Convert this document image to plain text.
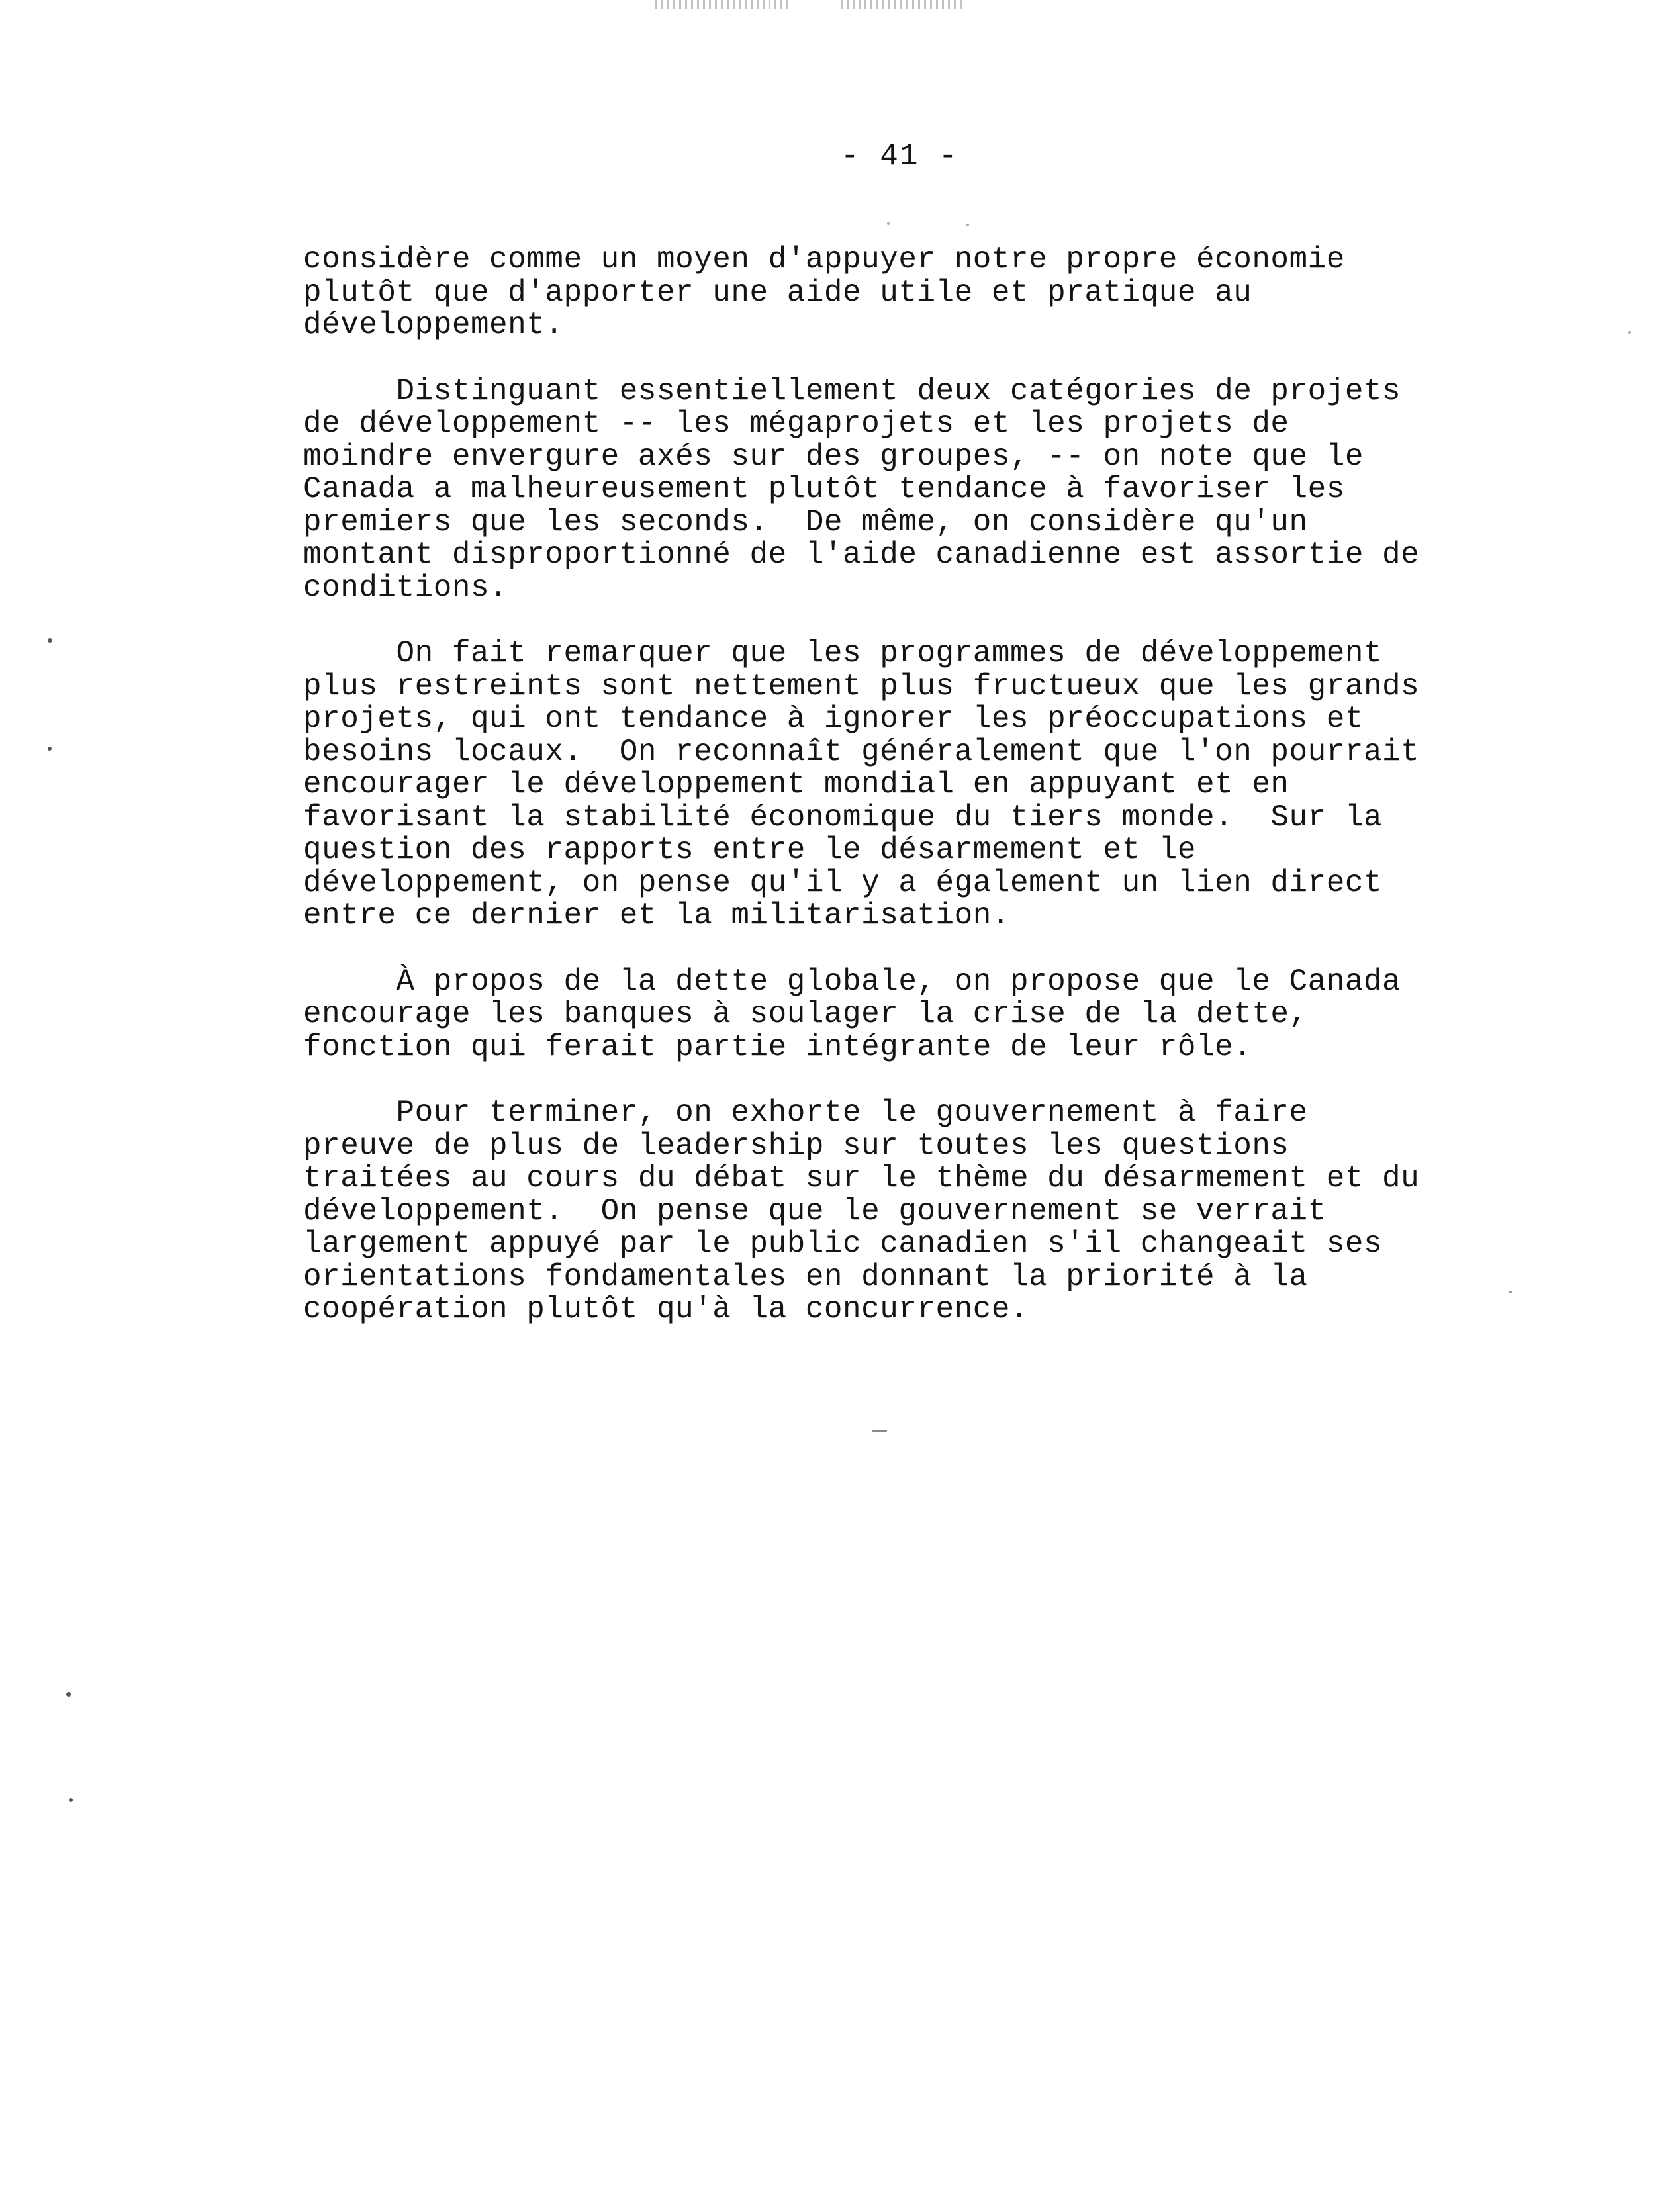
- 41 -

considère comme un moyen d'appuyer notre propre économie
plutôt que d'apporter une aide utile et pratique au
développement.

Distinguant essentiellement deux catégories de projets
de développement -- les mégaprojets et les projets de
moindre envergure axés sur des groupes, -- on note que le
Canada a malheureusement plutôt tendance à favoriser les
premiers que les seconds.  De même, on considère qu'un
montant disproportionné de l'aide canadienne est assortie de
conditions.

On fait remarquer que les programmes de développement
plus restreints sont nettement plus fructueux que les grands
projets, qui ont tendance à ignorer les préoccupations et
besoins locaux.  On reconnaît généralement que l'on pourrait
encourager le développement mondial en appuyant et en
favorisant la stabilité économique du tiers monde.  Sur la
question des rapports entre le désarmement et le
développement, on pense qu'il y a également un lien direct
entre ce dernier et la militarisation.

À propos de la dette globale, on propose que le Canada
encourage les banques à soulager la crise de la dette,
fonction qui ferait partie intégrante de leur rôle.

Pour terminer, on exhorte le gouvernement à faire
preuve de plus de leadership sur toutes les questions
traitées au cours du débat sur le thème du désarmement et du
développement.  On pense que le gouvernement se verrait
largement appuyé par le public canadien s'il changeait ses
orientations fondamentales en donnant la priorité à la
coopération plutôt qu'à la concurrence.
